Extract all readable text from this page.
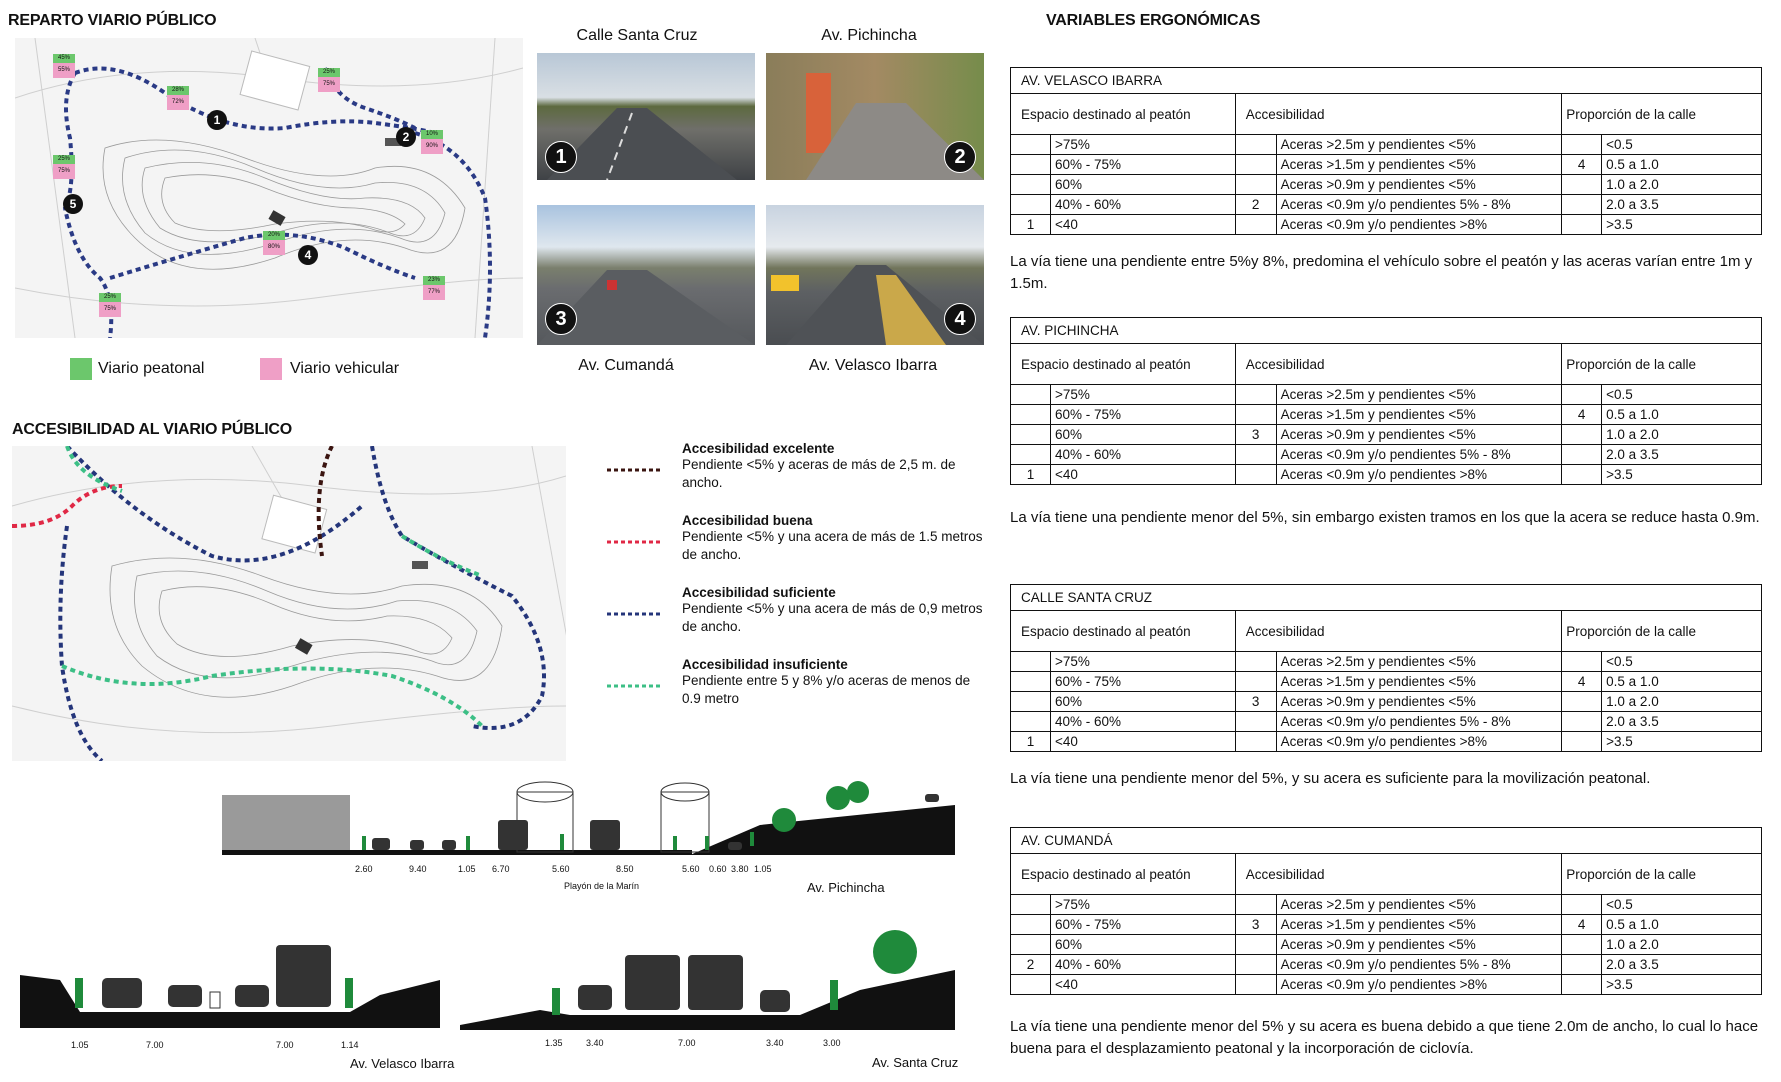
REPARTO VIARIO PÚBLICO
45%
55%
28%
72%
25%
75%
10%
90%
25%
75%
20%
80%
23%
77%
25%
75%
1
2
4
5
Viario peatonal	Viario vehicular
Calle Santa Cruz	Av. Pichincha
1	2
3	4
Av. Cumandá	Av. Velasco Ibarra
ACCESIBILIDAD AL VIARIO PÚBLICO
Accesibilidad excelente
Pendiente <5% y aceras de más de 2,5 m. de ancho.
Accesibilidad buena
Pendiente <5% y una acera de más de 1.5 metros de ancho.
Accesibilidad suficiente
Pendiente <5% y una acera de más de 0,9 metros de ancho.
Accesibilidad insuficiente
Pendiente entre 5 y 8% y/o aceras de menos de 0.9 metro
2.60	9.40	1.05 6.70	5.60	8.50	5.60 0.60 3.80 1.05
Playón de la Marín	Av. Pichincha
1.05	7.00	7.00	1.14
Av. Velasco Ibarra
1.35	3.40	7.00	3.40	3.00
Av. Santa Cruz
VARIABLES ERGONÓMICAS
AV. VELASCO IBARRA					
Espacio destinado al peatón		Accesibilidad		Proporción de la calle	
	>75%		Aceras >2.5m y pendientes <5%		<0.5
	60% - 75%		Aceras >1.5m y pendientes <5%	4	0.5 a 1.0
	60%		Aceras >0.9m y pendientes <5%		1.0 a 2.0
	40% - 60%	2	Aceras <0.9m y/o pendientes 5% - 8%		2.0 a 3.5
1	<40		Aceras <0.9m y/o pendientes >8%		>3.5
La vía tiene una pendiente entre 5%y 8%, predomina el vehículo sobre el peatón y las aceras varían entre 1m y 1.5m.
AV. PICHINCHA					
Espacio destinado al peatón		Accesibilidad		Proporción de la calle	
	>75%		Aceras >2.5m y pendientes <5%		<0.5
	60% - 75%		Aceras >1.5m y pendientes <5%	4	0.5 a 1.0
	60%	3	Aceras >0.9m y pendientes <5%		1.0 a 2.0
	40% - 60%		Aceras <0.9m y/o pendientes 5% - 8%		2.0 a 3.5
1	<40		Aceras <0.9m y/o pendientes >8%		>3.5
La vía tiene una pendiente menor del 5%, sin embargo existen tramos en los que la acera se reduce hasta 0.9m.
CALLE SANTA CRUZ					
Espacio destinado al peatón		Accesibilidad		Proporción de la calle	
	>75%		Aceras >2.5m y pendientes <5%		<0.5
	60% - 75%		Aceras >1.5m y pendientes <5%	4	0.5 a 1.0
	60%	3	Aceras >0.9m y pendientes <5%		1.0 a 2.0
	40% - 60%		Aceras <0.9m y/o pendientes 5% - 8%		2.0 a 3.5
1	<40		Aceras <0.9m y/o pendientes >8%		>3.5
La vía tiene una pendiente menor del 5%, y su acera es suficiente para la movilización peatonal.
AV. CUMANDÁ					
Espacio destinado al peatón		Accesibilidad		Proporción de la calle	
	>75%		Aceras >2.5m y pendientes <5%		<0.5
	60% - 75%	3	Aceras >1.5m y pendientes <5%	4	0.5 a 1.0
	60%		Aceras >0.9m y pendientes <5%		1.0 a 2.0
2	40% - 60%		Aceras <0.9m y/o pendientes 5% - 8%		2.0 a 3.5
	<40		Aceras <0.9m y/o pendientes >8%		>3.5
La vía tiene una pendiente menor del 5% y su acera es buena debido a que tiene 2.0m de ancho, lo cual lo hace buena para el desplazamiento peatonal y la incorporación de ciclovía.
